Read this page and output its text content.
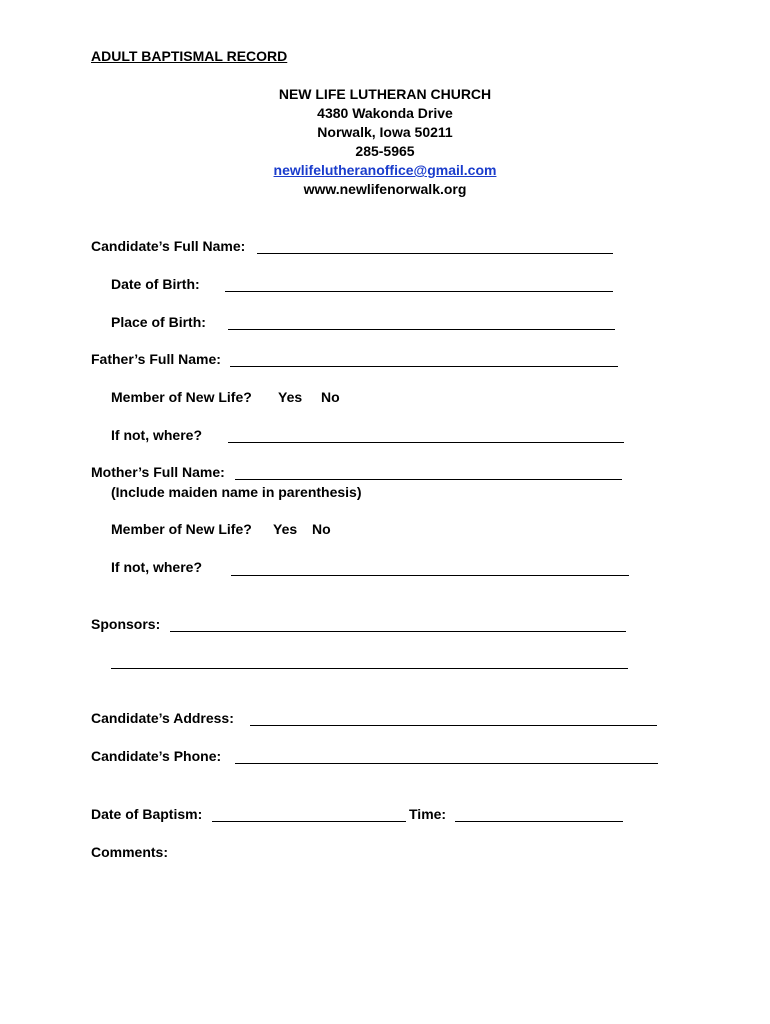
ADULT BAPTISMAL RECORD
NEW LIFE LUTHERAN CHURCH
4380 Wakonda Drive
Norwalk, Iowa 50211
285-5965
newlifelutheranoffice@gmail.com
www.newlifenorwalk.org
Candidate’s Full Name:
Date of Birth:
Place of Birth:
Father’s Full Name:
Member of New Life? Yes No
If not, where?
Mother’s Full Name:
(Include maiden name in parenthesis)
Member of New Life? Yes No
If not, where?
Sponsors:
Candidate’s Address:
Candidate’s Phone:
Date of Baptism:	Time:
Comments:
